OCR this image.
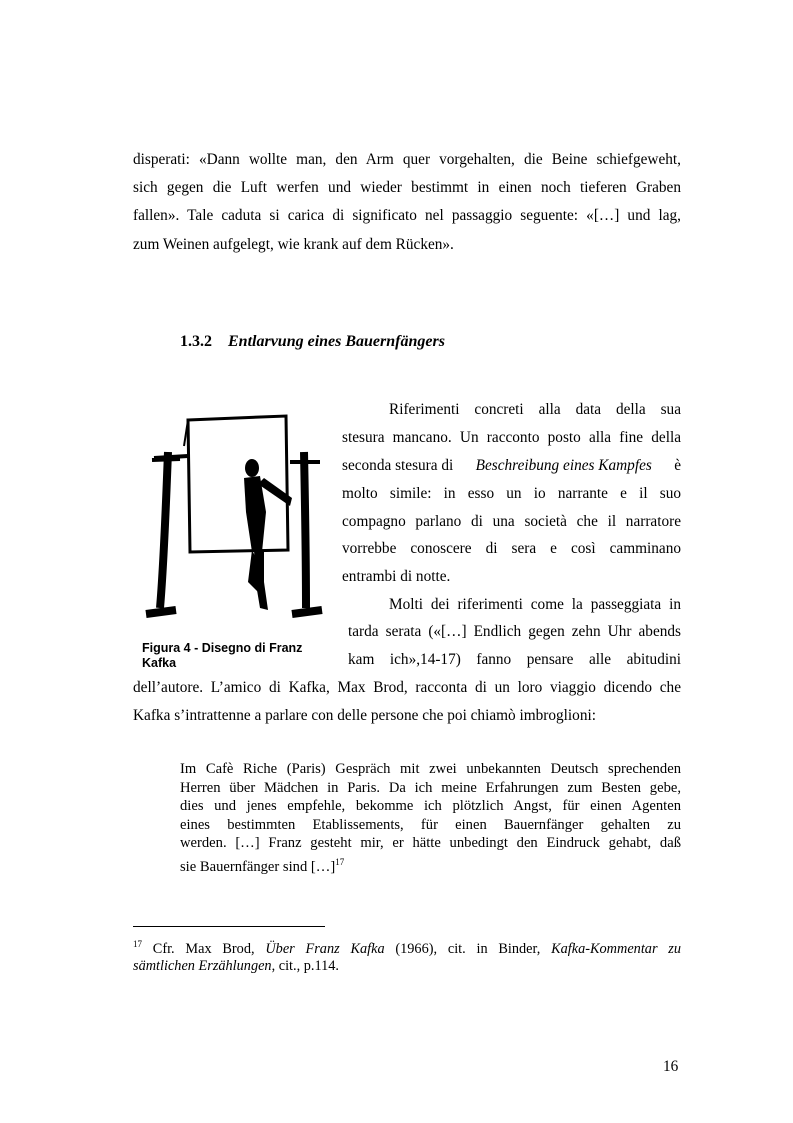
disperati: «Dann wollte man, den Arm quer vorgehalten, die Beine schiefgeweht,
sich gegen die Luft werfen und wieder bestimmt in einen noch tieferen Graben
fallen». Tale caduta si carica di significato nel passaggio seguente: «[…] und lag,
zum Weinen aufgelegt, wie krank auf dem Rücken».
1.3.2 Entlarvung eines Bauernfängers
Figura 4 - Disegno di Franz
Kafka
Riferimenti concreti alla data della sua
stesura mancano. Un racconto posto alla fine della
seconda stesura di Beschreibung eines Kampfes è
molto simile: in esso un io narrante e il suo
compagno parlano di una società che il narratore
vorrebbe conoscere di sera e così camminano
entrambi di notte.
Molti dei riferimenti come la passeggiata in
tarda serata («[…] Endlich gegen zehn Uhr abends
kam ich»,14-17) fanno pensare alle abitudini
dell’autore. L’amico di Kafka, Max Brod, racconta di un loro viaggio dicendo che
Kafka s’intrattenne a parlare con delle persone che poi chiamò imbroglioni:
Im Cafè Riche (Paris) Gespräch mit zwei unbekannten Deutsch sprechenden
Herren über Mädchen in Paris. Da ich meine Erfahrungen zum Besten gebe,
dies und jenes empfehle, bekomme ich plötzlich Angst, für einen Agenten
eines bestimmten Etablissements, für einen Bauernfänger gehalten zu
werden. […] Franz gesteht mir, er hätte unbedingt den Eindruck gehabt, daß
sie Bauernfänger sind […]$^{17}$
$^{17}$ Cfr. Max Brod, Über Franz Kafka (1966), cit. in Binder, Kafka-Kommentar zu
sämtlichen Erzählungen, cit., p.114.
16
